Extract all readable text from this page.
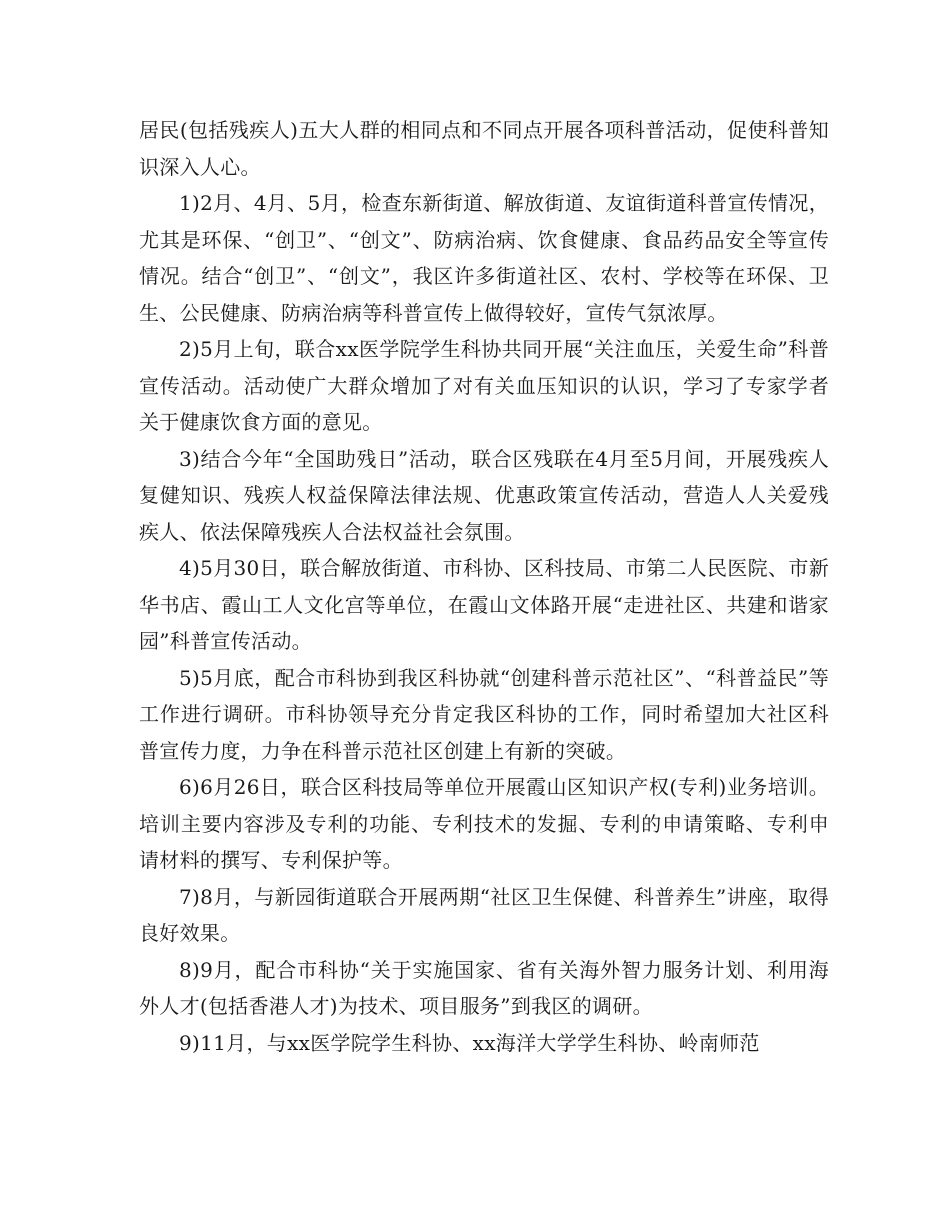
居民(包括残疾人)五大人群的相同点和不同点开展各项科普活动，促使科普知识深入人心。

1)2月、4月、5月，检查东新街道、解放街道、友谊街道科普宣传情况，尤其是环保、“创卫”、“创文”、防病治病、饮食健康、食品药品安全等宣传情况。结合“创卫”、“创文”，我区许多街道社区、农村、学校等在环保、卫生、公民健康、防病治病等科普宣传上做得较好，宣传气氛浓厚。

2)5月上旬，联合xx医学院学生科协共同开展“关注血压，关爱生命”科普宣传活动。活动使广大群众增加了对有关血压知识的认识，学习了专家学者关于健康饮食方面的意见。

3)结合今年“全国助残日”活动，联合区残联在4月至5月间，开展残疾人复健知识、残疾人权益保障法律法规、优惠政策宣传活动，营造人人关爱残疾人、依法保障残疾人合法权益社会氛围。

4)5月30日，联合解放街道、市科协、区科技局、市第二人民医院、市新华书店、霞山工人文化宫等单位，在霞山文体路开展“走进社区、共建和谐家园”科普宣传活动。

5)5月底，配合市科协到我区科协就“创建科普示范社区”、“科普益民”等工作进行调研。市科协领导充分肯定我区科协的工作，同时希望加大社区科普宣传力度，力争在科普示范社区创建上有新的突破。

6)6月26日，联合区科技局等单位开展霞山区知识产权(专利)业务培训。培训主要内容涉及专利的功能、专利技术的发掘、专利的申请策略、专利申请材料的撰写、专利保护等。

7)8月，与新园街道联合开展两期“社区卫生保健、科普养生”讲座，取得良好效果。

8)9月，配合市科协“关于实施国家、省有关海外智力服务计划、利用海外人才(包括香港人才)为技术、项目服务”到我区的调研。

9)11月，与xx医学院学生科协、xx海洋大学学生科协、岭南师范
